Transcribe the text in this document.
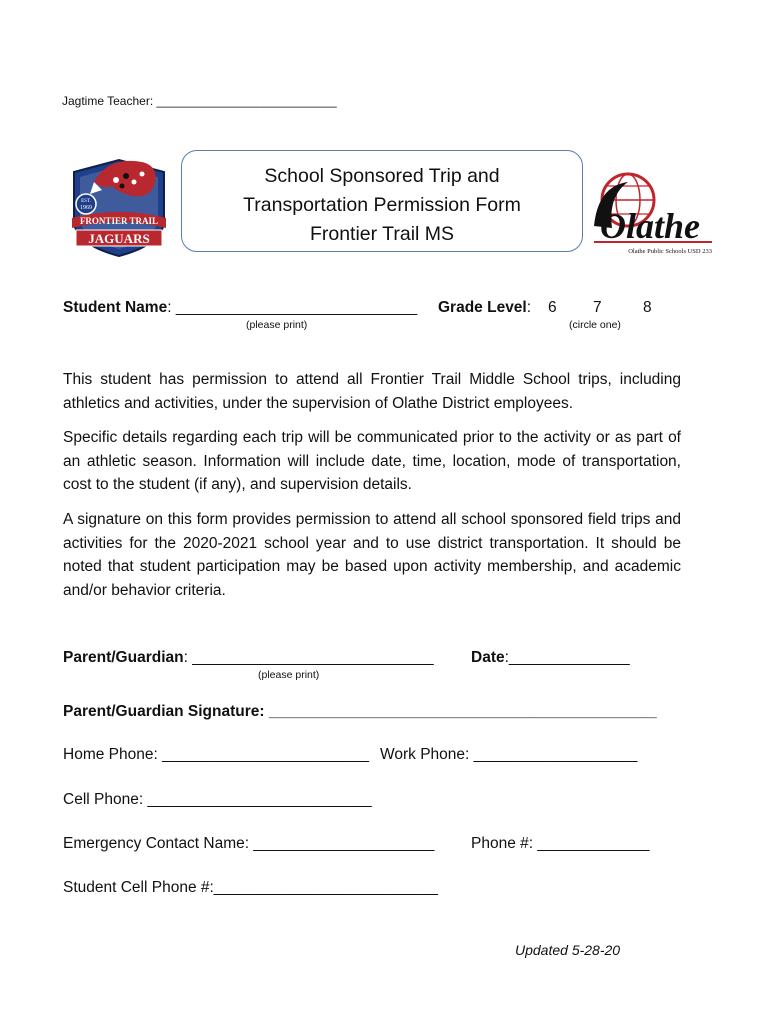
Jagtime Teacher: ___________________________
EST.
1969
FRONTIER TRAIL
JAGUARS
School Sponsored Trip and
Transportation Permission Form
Frontier Trail MS	Olathe
Olathe Public Schools USD 233
Student Name: ____________________________
(please print)
Grade Level: 6 7	8
(circle one)
This student has permission to attend all Frontier Trail Middle School trips, including athletics and activities, under the supervision of Olathe District employees.
Specific details regarding each trip will be communicated prior to the activity or as part of an athletic season. Information will include date, time, location, mode of transportation, cost to the student (if any), and supervision details.
A signature on this form provides permission to attend all school sponsored field trips and activities for the 2020-2021 school year and to use district transportation. It should be noted that student participation may be based upon activity membership, and academic and/or behavior criteria.
Parent/Guardian: ____________________________
(please print)
Date:______________
Parent/Guardian Signature: _____________________________________________
Home Phone: ________________________ Work Phone: ___________________
Cell Phone: __________________________
Emergency Contact Name: _____________________ Phone #: _____________
Student Cell Phone #:__________________________
Updated 5-28-20
